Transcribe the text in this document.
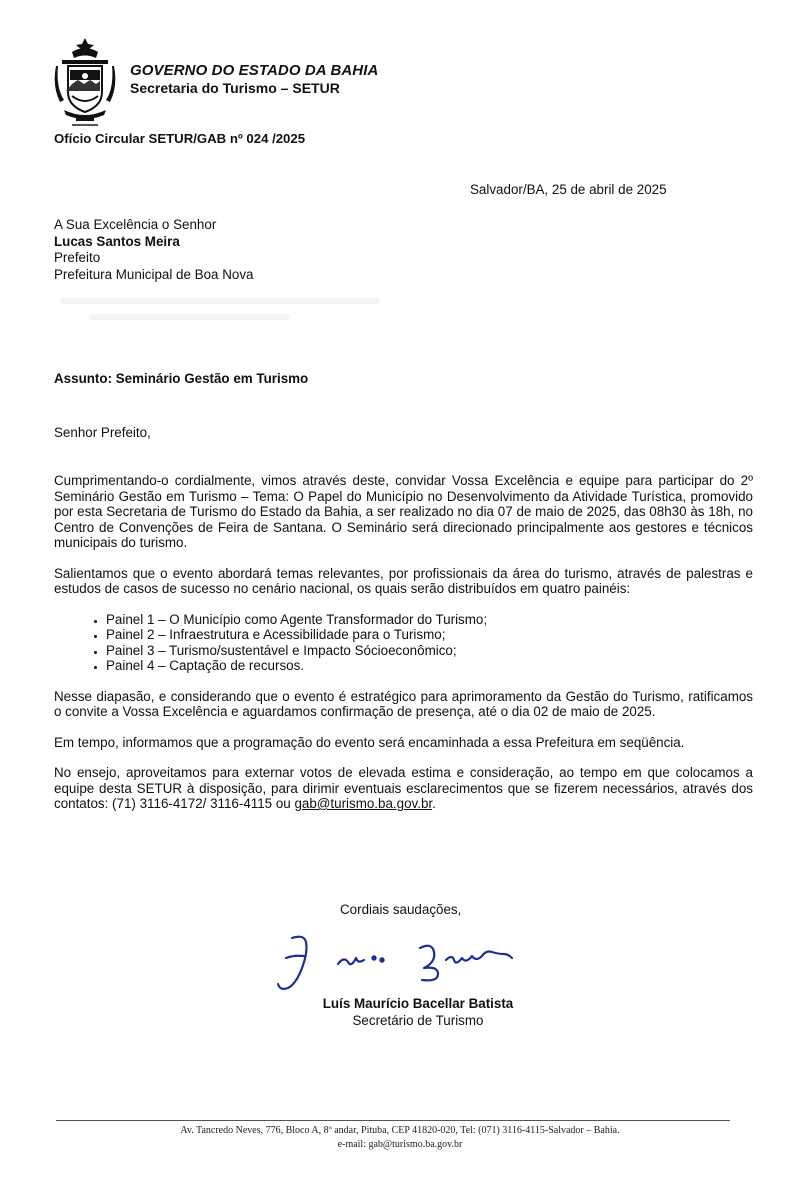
GOVERNO DO ESTADO DA BAHIA
Secretaria do Turismo – SETUR
Ofício Circular SETUR/GAB nº 024 /2025
Salvador/BA, 25 de abril de 2025
A Sua Excelência o Senhor
Lucas Santos Meira
Prefeito
Prefeitura Municipal de Boa Nova
Assunto: Seminário Gestão em Turismo
Senhor Prefeito,

Cumprimentando-o cordialmente, vimos através deste, convidar Vossa Excelência e equipe para participar do 2º Seminário Gestão em Turismo – Tema: O Papel do Município no Desenvolvimento da Atividade Turística, promovido por esta Secretaria de Turismo do Estado da Bahia, a ser realizado no dia 07 de maio de 2025, das 08h30 às 18h, no Centro de Convenções de Feira de Santana. O Seminário será direcionado principalmente aos gestores e técnicos municipais do turismo.

Salientamos que o evento abordará temas relevantes, por profissionais da área do turismo, através de palestras e estudos de casos de sucesso no cenário nacional, os quais serão distribuídos em quatro painéis:

• Painel 1 – O Município como Agente Transformador do Turismo;
• Painel 2 – Infraestrutura e Acessibilidade para o Turismo;
• Painel 3 – Turismo/sustentável e Impacto Sócioeconômico;
• Painel 4 – Captação de recursos.

Nesse diapasão, e considerando que o evento é estratégico para aprimoramento da Gestão do Turismo, ratificamos o convite a Vossa Excelência e aguardamos confirmação de presença, até o dia 02 de maio de 2025.

Em tempo, informamos que a programação do evento será encaminhada a essa Prefeitura em seqüência.

No ensejo, aproveitamos para externar votos de elevada estima e consideração, ao tempo em que colocamos a equipe desta SETUR à disposição, para dirimir eventuais esclarecimentos que se fizerem necessários, através dos contatos: (71) 3116-4172/ 3116-4115 ou gab@turismo.ba.gov.br.

Cordiais saudações,
Luís Maurício Bacellar Batista
Secretário de Turismo
Av. Tancredo Neves, 776, Bloco A, 8º andar, Pituba, CEP 41820-020, Tel: (071) 3116-4115-Salvador – Bahia.
e-mail: gab@turismo.ba.gov.br
